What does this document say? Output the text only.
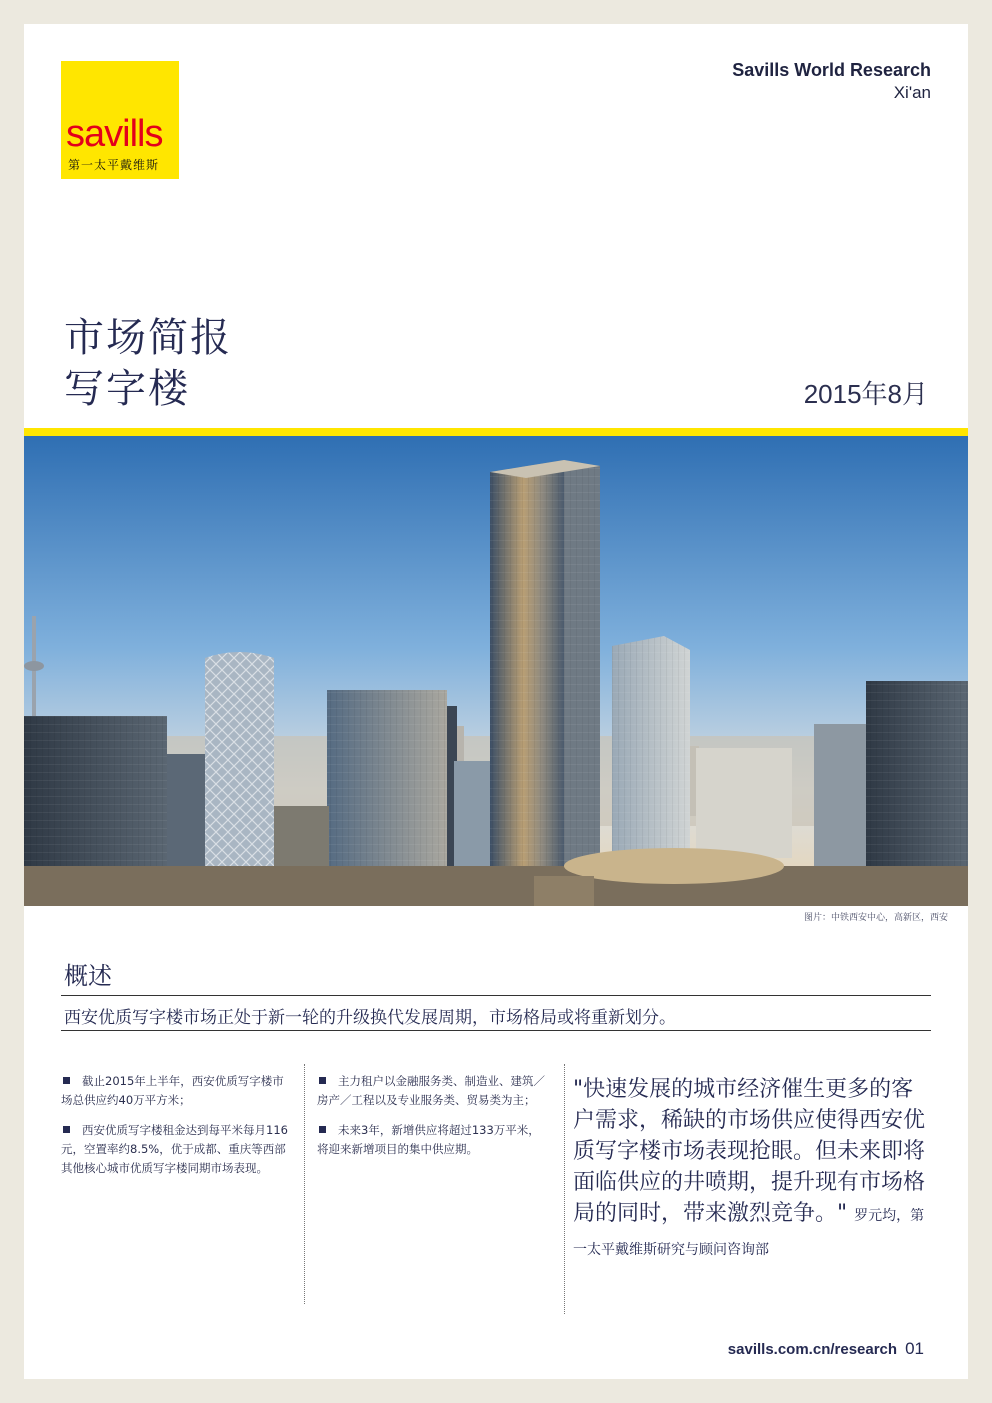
savills
第一太平戴维斯
Savills World Research
Xi'an
市场简报
写字楼	2015年8月
图片：中铁西安中心，高新区，西安
概述
西安优质写字楼市场正处于新一轮的升级换代发展周期，市场格局或将重新划分。
截止2015年上半年，西安优质写字楼市场总供应约40万平方米；
西安优质写字楼租金达到每平米每月116元，空置率约8.5%，优于成都、重庆等西部其他核心城市优质写字楼同期市场表现。
主力租户以金融服务类、制造业、建筑／房产／工程以及专业服务类、贸易类为主；
未来3年，新增供应将超过133万平米，将迎来新增项目的集中供应期。
"快速发展的城市经济催生更多的客户需求，稀缺的市场供应使得西安优质写字楼市场表现抢眼。但未来即将面临供应的井喷期，提升现有市场格局的同时，带来激烈竞争。" 罗元均，第一太平戴维斯研究与顾问咨询部
savills.com.cn/research 01
